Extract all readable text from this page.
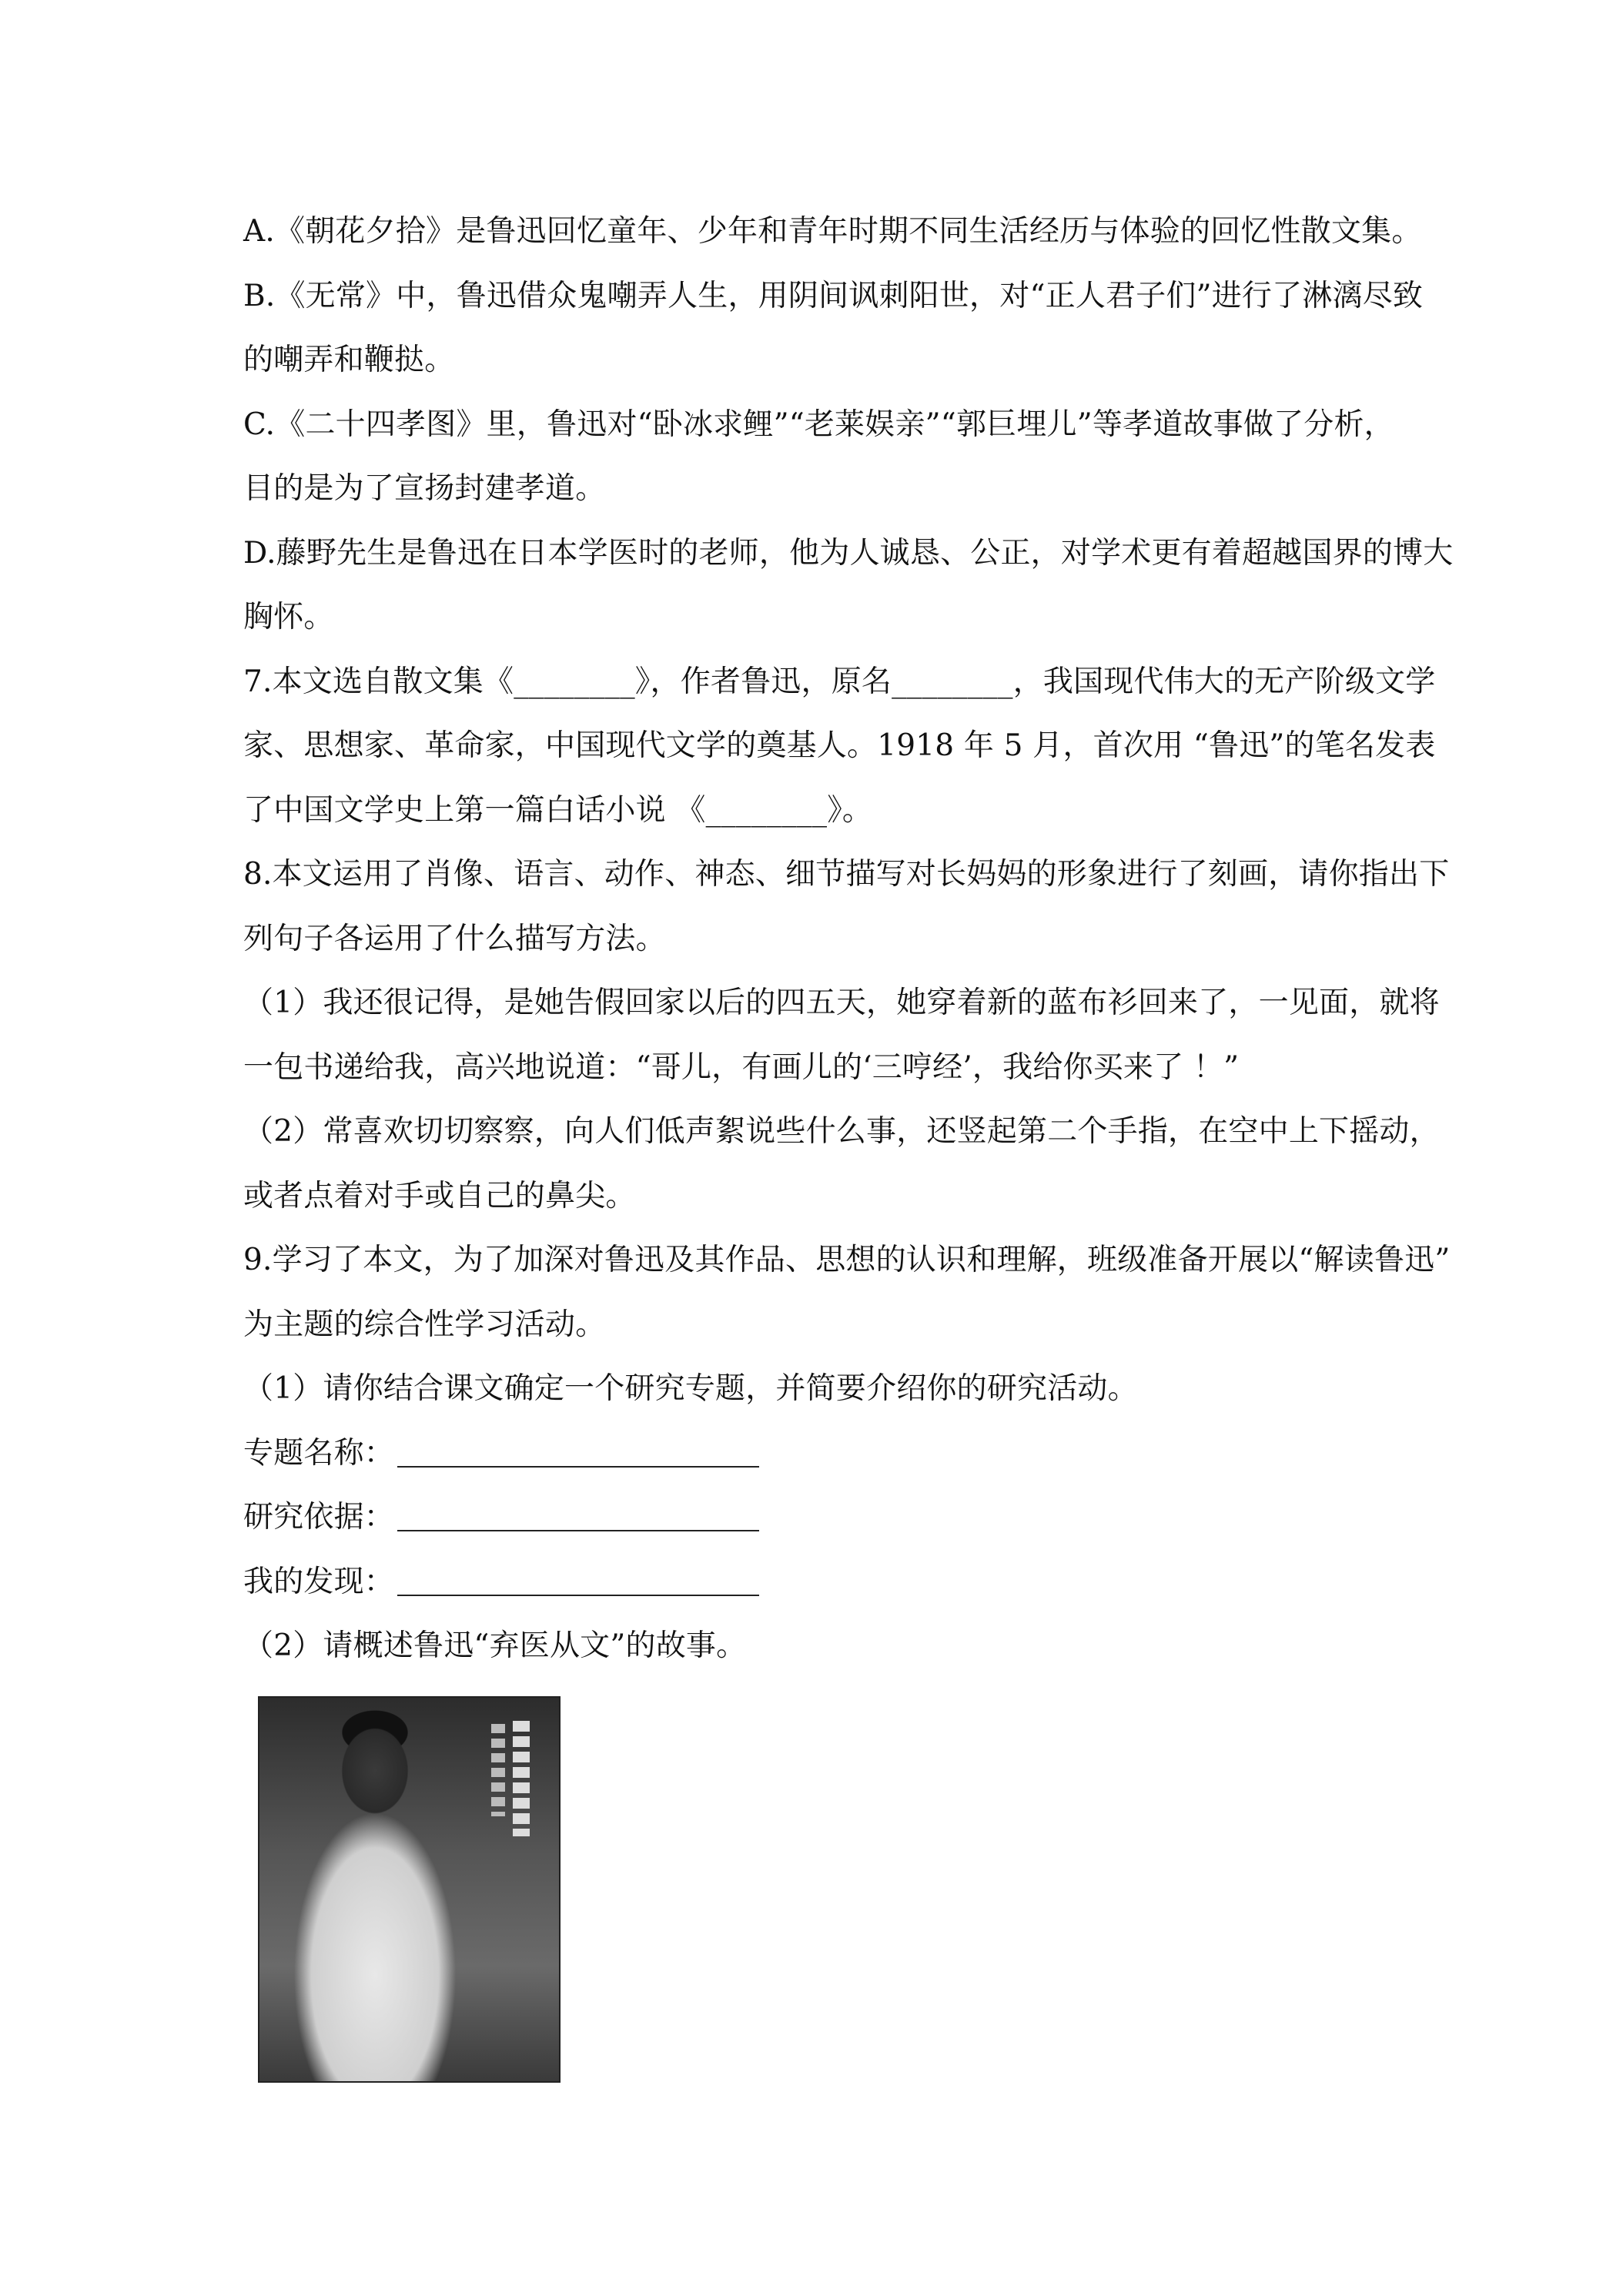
A.《朝花夕拾》是鲁迅回忆童年、少年和青年时期不同生活经历与体验的回忆性散文集。
B.《无常》中，鲁迅借众鬼嘲弄人生，用阴间讽刺阳世，对“正人君子们”进行了淋漓尽致
的嘲弄和鞭挞。
C.《二十四孝图》里，鲁迅对“卧冰求鲤”“老莱娱亲”“郭巨埋儿”等孝道故事做了分析，
目的是为了宣扬封建孝道。
D.藤野先生是鲁迅在日本学医时的老师，他为人诚恳、公正，对学术更有着超越国界的博大
胸怀。
7.本文选自散文集《________》，作者鲁迅，原名________，我国现代伟大的无产阶级文学
家、思想家、革命家，中国现代文学的奠基人。1918 年 5 月，首次用 “鲁迅”的笔名发表
了中国文学史上第一篇白话小说 《________》。
8.本文运用了肖像、语言、动作、神态、细节描写对长妈妈的形象进行了刻画，请你指出下
列句子各运用了什么描写方法。
（1）我还很记得，是她告假回家以后的四五天，她穿着新的蓝布衫回来了，一见面，就将
一包书递给我，高兴地说道：“哥儿，有画儿的‘三哼经’，我给你买来了 ！”
（2）常喜欢切切察察，向人们低声絮说些什么事，还竖起第二个手指，在空中上下摇动，
或者点着对手或自己的鼻尖。
9.学习了本文，为了加深对鲁迅及其作品、思想的认识和理解，班级准备开展以“解读鲁迅”
为主题的综合性学习活动。
（1）请你结合课文确定一个研究专题，并简要介绍你的研究活动。
专题名称：
研究依据：
我的发现：
（2）请概述鲁迅“弃医从文”的故事。
